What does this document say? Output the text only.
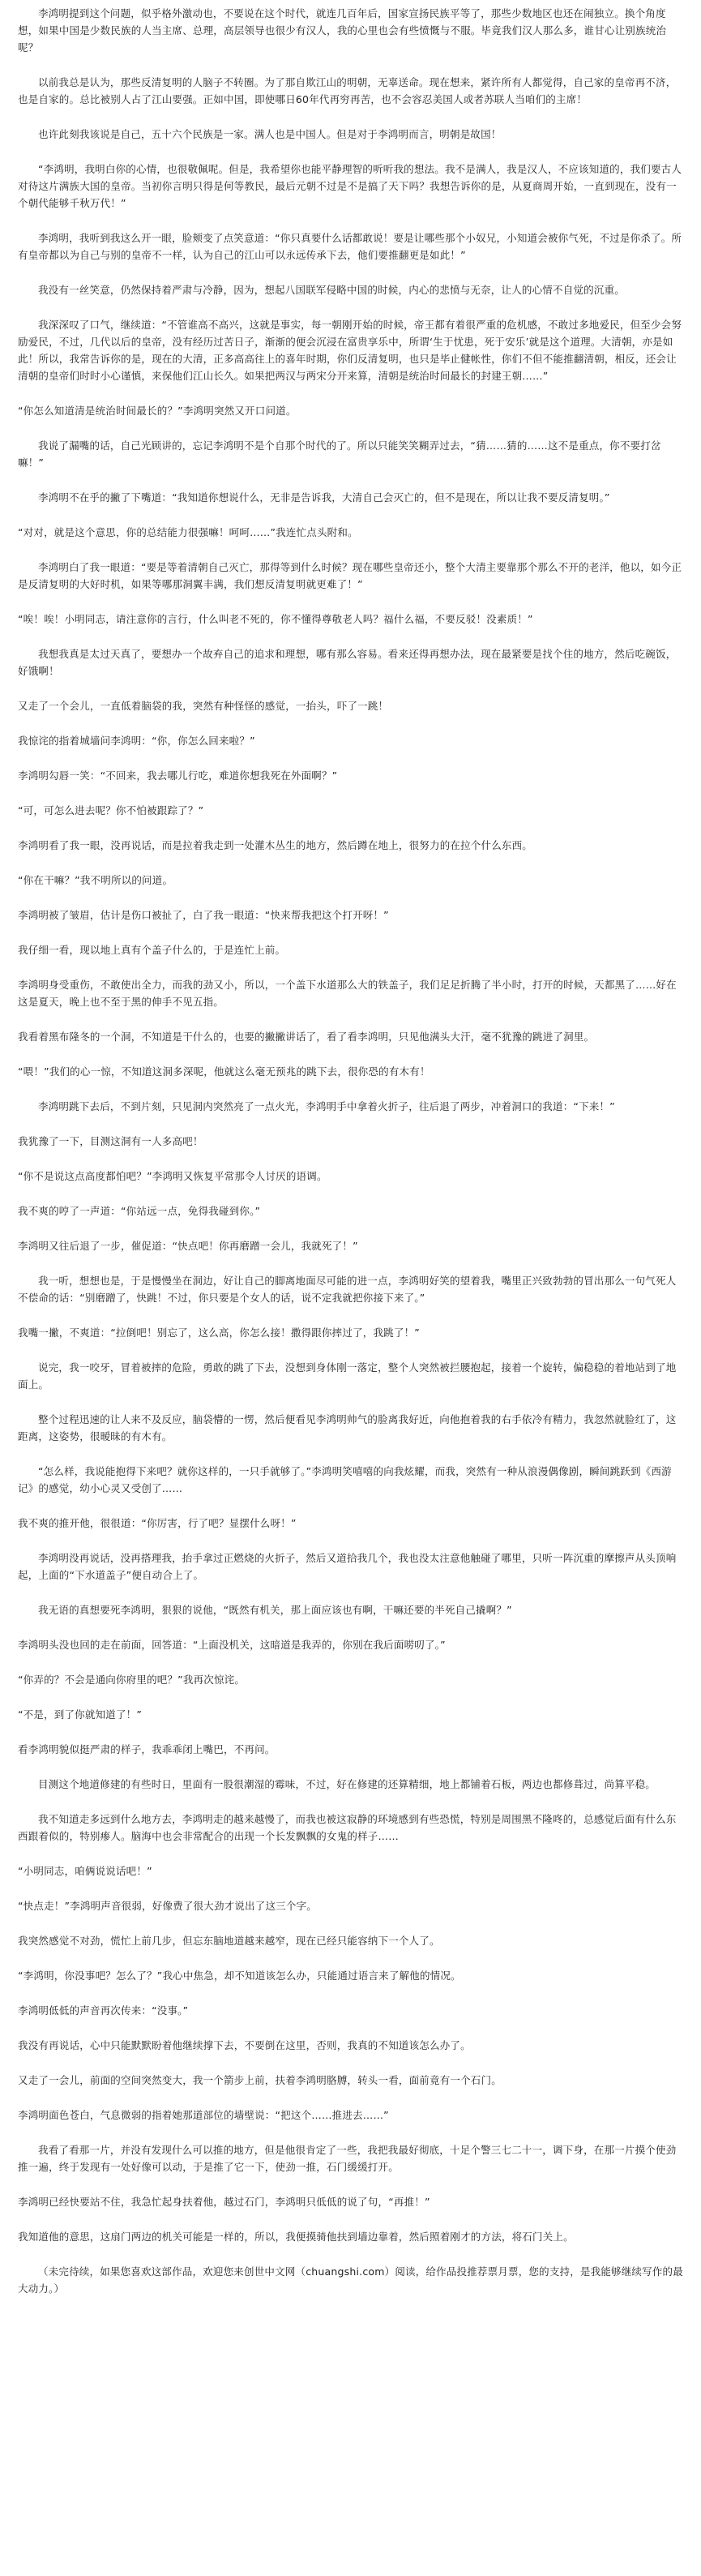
李鸿明提到这个问题，似乎格外激动也，不要说在这个时代，就连几百年后，国家宣扬民族平等了，那些少数地区也还在闹独立。换个角度想，如果中国是少数民族的人当主席、总理，高层领导也很少有汉人，我的心里也会有些愤慨与不服。毕竟我们汉人那么多，谁甘心让别族统治呢？

以前我总是认为，那些反清复明的人脑子不转圈。为了那自欺江山的明朝，无辜送命。现在想来，紧许所有人都觉得，自己家的皇帝再不济，也是自家的。总比被别人占了江山要强。正如中国，即使哪日60年代再穷再苦，也不会容忍美国人或者苏联人当咱们的主席！

也许此刻我该说是自己，五十六个民族是一家。满人也是中国人。但是对于李鸿明而言，明朝是故国！

“李鸿明，我明白你的心情，也很敬佩呢。但是，我希望你也能平静理智的听听我的想法。我不是满人，我是汉人，不应该知道的，我们要古人对待这片满族大国的皇帝。当初你言明只得是何等教民，最后元朝不过是不是搞了天下吗？我想告诉你的是，从夏商周开始，一直到现在，没有一个朝代能够千秋万代！”

李鸿明，我听到我这么开一眼，脸颊变了点笑意道：“你只真要什么话都敢说！要是让哪些那个小奴兄，小知道会被你气死，不过是你杀了。所有皇帝都以为自己与别的皇帝不一样，认为自己的江山可以永远传承下去，他们要推翻更是如此！”

我没有一丝笑意，仍然保持着严肃与冷静，因为，想起八国联军侵略中国的时候，内心的悲愤与无奈，让人的心情不自觉的沉重。

我深深叹了口气，继续道：“不管谁高不高兴，这就是事实，每一朝刚开始的时候，帝王都有着很严重的危机感，不敢过多地爱民，但至少会努励爱民，不过，几代以后的皇帝，没有经历过苦日子，渐渐的便会沉浸在富贵享乐中，所谓‘生于忧患，死于安乐’就是这个道理。大清朝，亦是如此！所以，我常告诉你的是，现在的大清，正多高高往上的喜年时期，你们反清复明，也只是毕止健帐性，你们不但不能推翻清朝，相反，还会让清朝的皇帝们时时小心谨慎，来保他们江山长久。如果把两汉与两宋分开来算，清朝是统治时间最长的封建王朝……”

“你怎么知道清是统治时间最长的？”李鸿明突然又开口问道。

我说了漏嘴的话，自己光顾讲的，忘记李鸿明不是个自那个时代的了。所以只能笑笑糊弄过去，“猜……猜的……这不是重点，你不要打岔嘛！”

李鸿明不在乎的撇了下嘴道：“我知道你想说什么，无非是告诉我，大清自己会灭亡的，但不是现在，所以让我不要反清复明。”

“对对，就是这个意思，你的总结能力很强嘛！呵呵……”我连忙点头附和。

李鸿明白了我一眼道：“要是等着清朝自己灭亡，那得等到什么时候？现在哪些皇帝还小，整个大清主要靠那个那么不开的老洋，他以，如今正是反清复明的大好时机，如果等哪那洞翼丰满，我们想反清复明就更难了！”

“唉！唉！小明同志，请注意你的言行，什么叫老不死的，你不懂得尊敬老人吗？福什么福，不要反驳！没素质！”

我想我真是太过天真了，要想办一个故弃自己的追求和理想，哪有那么容易。看来还得再想办法，现在最紧要是找个住的地方，然后吃碗饭，好饿啊！

又走了一个会儿，一直低着脑袋的我，突然有种怪怪的感觉，一抬头，吓了一跳！

我惊诧的指着城墙问李鸿明：“你，你怎么回来啦？”

李鸿明勾唇一笑：“不回来，我去哪儿行吃，难道你想我死在外面啊？”

“可，可怎么进去呢？你不怕被跟踪了？”

李鸿明看了我一眼，没再说话，而是拉着我走到一处灌木丛生的地方，然后蹲在地上，很努力的在拉个什么东西。

“你在干嘛？”我不明所以的问道。

李鸿明被了皱眉，估计是伤口被扯了，白了我一眼道：“快来帮我把这个打开呀！”

我仔细一看，现以地上真有个盖子什么的，于是连忙上前。

李鸿明身受重伤，不敢使出全力，而我的劲又小，所以，一个盖下水道那么大的铁盖子，我们足足折腾了半小时，打开的时候，天都黑了……好在这是夏天，晚上也不至于黑的伸手不见五指。

我看着黑布隆冬的一个洞，不知道是干什么的，也要的撇撇讲话了，看了看李鸿明，只见他满头大汗，毫不犹豫的跳进了洞里。

“喂！”我们的心一惊，不知道这洞多深呢，他就这么毫无预兆的跳下去，很你恐的有木有！

李鸿明跳下去后，不到片刻，只见洞内突然亮了一点火光，李鸿明手中拿着火折子，往后退了两步，冲着洞口的我道：“下来！”

我犹豫了一下，目测这洞有一人多高吧！

“你不是说这点高度都怕吧？”李鸿明又恢复平常那令人讨厌的语调。

我不爽的哼了一声道：“你站远一点，免得我碰到你。”

李鸿明又往后退了一步，催促道：“快点吧！你再磨蹭一会儿，我就死了！”

我一听，想想也是，于是慢慢坐在洞边，好让自己的脚离地面尽可能的进一点，李鸿明好笑的望着我，嘴里正兴致勃勃的冒出那么一句气死人不偿命的话：“别磨蹭了，快跳！不过，你只要是个女人的话，说不定我就把你接下来了。”

我嘴一撇，不爽道：“拉倒吧！别忘了，这么高，你怎么接！撒得跟你摔过了，我跳了！”

说完，我一咬牙，冒着被摔的危险，勇敢的跳了下去，没想到身体刚一落定，整个人突然被拦腰抱起，接着一个旋转，偏稳稳的着地站到了地面上。

整个过程迅速的让人来不及反应，脑袋懵的一愣，然后便看见李鸿明帅气的脸离我好近，向他抱着我的右手依冷有精力，我忽然就脸红了，这距离，这姿势，很暧昧的有木有。

“怎么样，我说能抱得下来吧？就你这样的，一只手就够了。”李鸿明笑嘻嘻的向我炫耀，而我，突然有一种从浪漫偶像剧，瞬间跳跃到《西游记》的感觉，幼小心灵又受创了……

我不爽的推开他，很很道：“你厉害，行了吧？显摆什么呀！”

李鸿明没再说话，没再搭理我，抬手拿过正燃烧的火折子，然后又道拾我几个，我也没太注意他触碰了哪里，只听一阵沉重的摩擦声从头顶响起，上面的“下水道盖子”便自动合上了。

我无语的真想要死李鸿明，狠狠的说他，“既然有机关，那上面应该也有啊，干嘛还要的半死自己撬啊？”

李鸿明头没也回的走在前面，回答道：“上面没机关，这暗道是我弄的，你别在我后面唠叨了。”

“你弄的？不会是通向你府里的吧？”我再次惊诧。

“不是，到了你就知道了！”

看李鸿明貌似挺严肃的样子，我乖乖闭上嘴巴，不再问。

目测这个地道修建的有些时日，里面有一股很潮湿的霉味，不过，好在修建的还算精细，地上都铺着石板，两边也都修葺过，尚算平稳。

我不知道走多远到什么地方去，李鸿明走的越来越慢了，而我也被这寂静的环境感到有些恐慌，特别是周围黑不隆咚的，总感觉后面有什么东西跟着似的，特别瘆人。脑海中也会非常配合的出现一个长发飘飘的女鬼的样子……

“小明同志，咱俩说说话吧！”

“快点走！”李鸿明声音很弱，好像费了很大劲才说出了这三个字。

我突然感觉不对劲，慌忙上前几步，但忘东脑地道越来越窄，现在已经只能容纳下一个人了。

“李鸿明，你没事吧？怎么了？”我心中焦急，却不知道该怎么办，只能通过语言来了解他的情况。

李鸿明低低的声音再次传来：“没事。”

我没有再说话，心中只能默默盼着他继续撑下去，不要倒在这里，否则，我真的不知道该怎么办了。

又走了一会儿，前面的空间突然变大，我一个箭步上前，扶着李鸿明胳膊，转头一看，面前竟有一个石门。

李鸿明面色苍白，气息微弱的指着她那道部位的墙壁说：“把这个……推进去……”

我看了看那一片，并没有发现什么可以推的地方，但是他很肯定了一些，我把我最好彻底，十足个警三七二十一，调下身，在那一片摸个使劲推一遍，终于发现有一处好像可以动，于是推了它一下，使劲一推，石门缓缓打开。

李鸿明已经快要站不住，我急忙起身扶着他，越过石门，李鸿明只低低的说了句，“再推！”

我知道他的意思，这扇门两边的机关可能是一样的，所以，我便摸骑他扶到墙边靠着，然后照着刚才的方法，将石门关上。

（未完待续，如果您喜欢这部作品，欢迎您来创世中文网（chuangshi.com）阅读，给作品投推荐票月票，您的支持，是我能够继续写作的最大动力。）
